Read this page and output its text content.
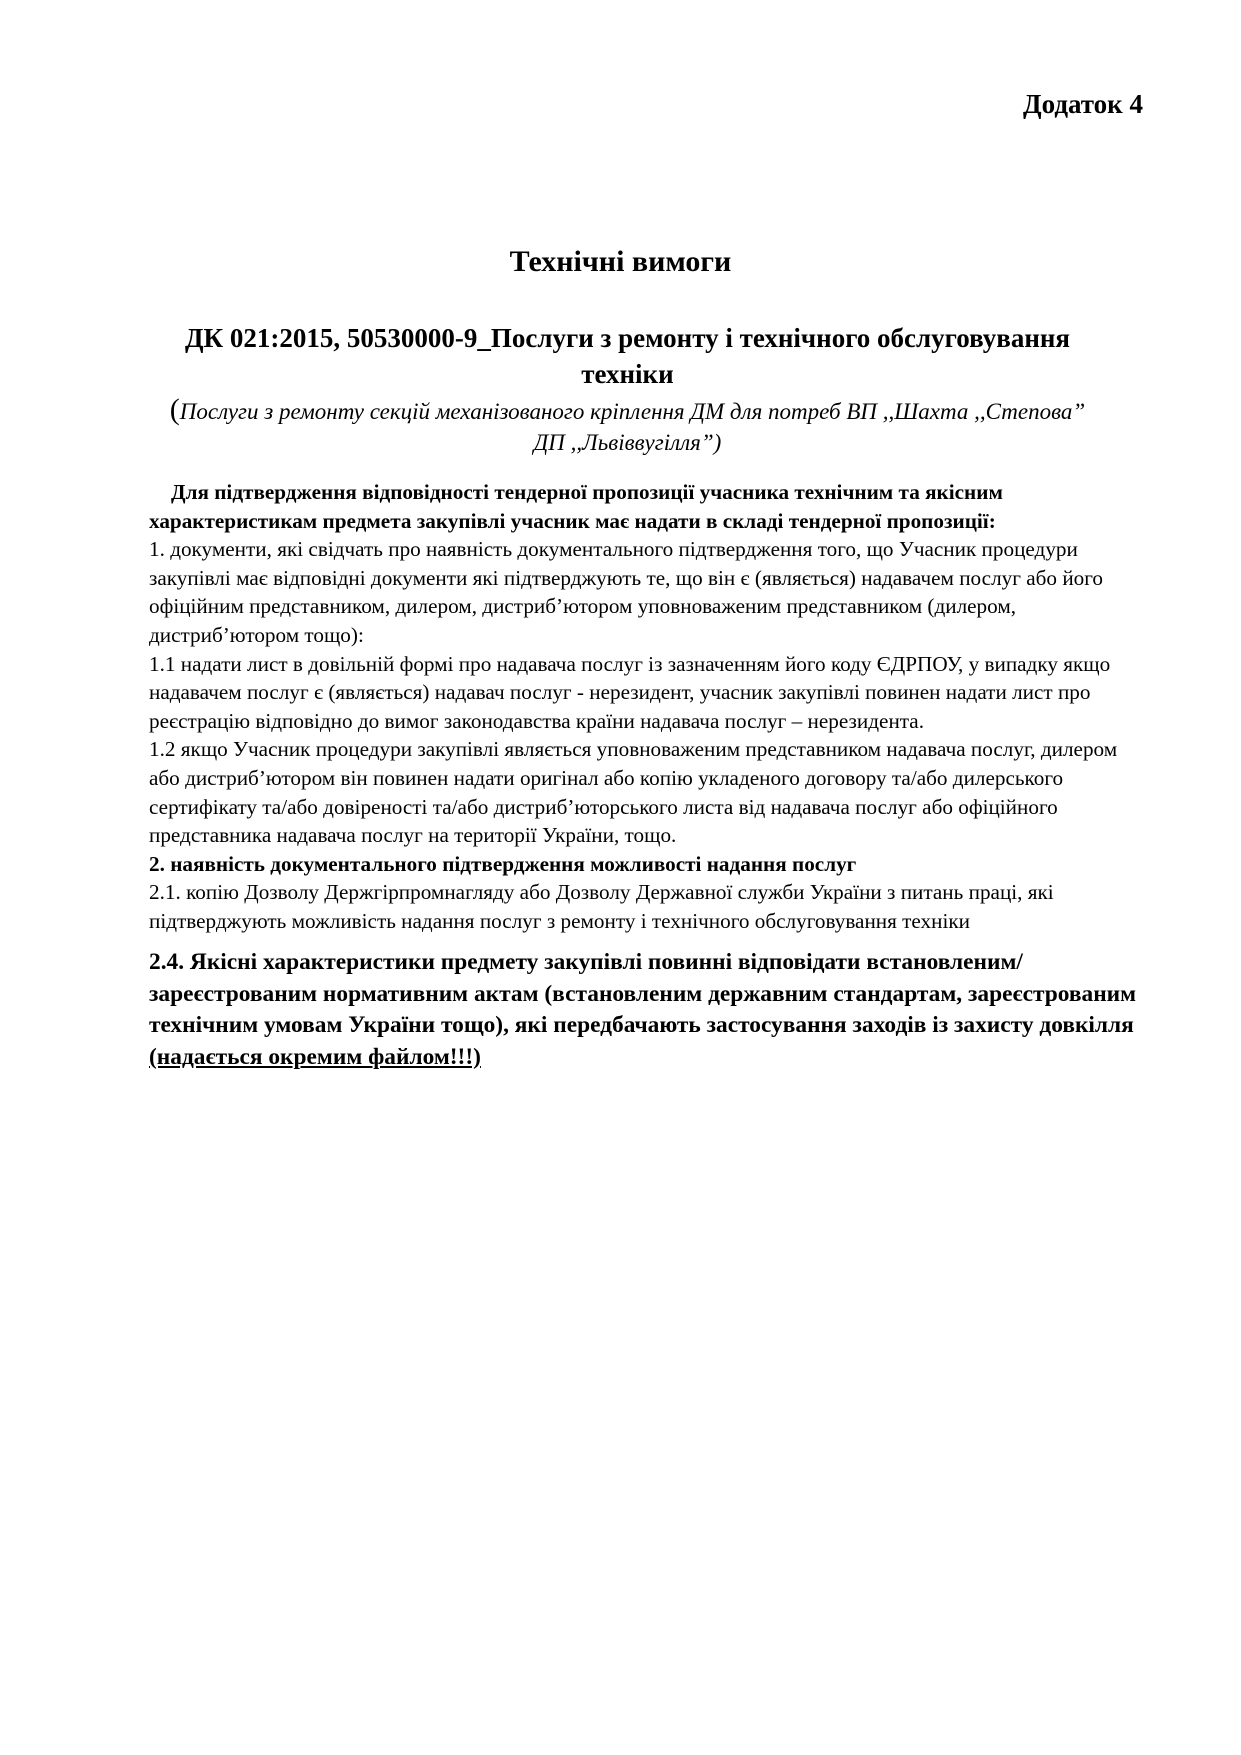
Додаток 4
Технічні вимоги
ДК 021:2015, 50530000-9_Послуги з ремонту і технічного обслуговування техніки
(Послуги з ремонту секцій механізованого кріплення ДМ для потреб ВП ,,Шахта ,,Степова”
ДП ,,Львіввугілля”)

Для підтвердження відповідності тендерної пропозиції учасника технічним та якісним характеристикам предмета закупівлі учасник має надати в складі тендерної пропозиції:

1. документи, які свідчать про наявність документального підтвердження того, що Учасник процедури закупівлі має відповідні документи які підтверджують те, що він є (являється) надавачем послуг або його офіційним представником, дилером, дистриб’ютором уповноваженим представником (дилером, дистриб’ютором тощо):

1.1 надати лист в довільній формі про надавача послуг із зазначенням його коду ЄДРПОУ, у випадку якщо надавачем послуг є (являється) надавач послуг - нерезидент, учасник закупівлі повинен надати лист про реєстрацію відповідно до вимог законодавства країни надавача послуг – нерезидента.

1.2 якщо Учасник процедури закупівлі являється уповноваженим представником надавача послуг, дилером або дистриб’ютором він повинен надати оригінал або копію укладеного договору та/або дилерського сертифікату та/або довіреності та/або дистриб’юторського листа від надавача послуг або офіційного представника надавача послуг на території України, тощо.

2. наявність документального підтвердження можливості надання послуг

2.1. копію Дозволу Держгірпромнагляду або Дозволу Державної служби України з питань праці, які підтверджують можливість надання послуг з ремонту і технічного обслуговування техніки

2.4. Якісні характеристики предмету закупівлі повинні відповідати встановленим/зареєстрованим нормативним актам (встановленим державним стандартам, зареєстрованим технічним умовам України тощо), які передбачають застосування заходів із захисту довкілля (надається окремим файлом!!!)
